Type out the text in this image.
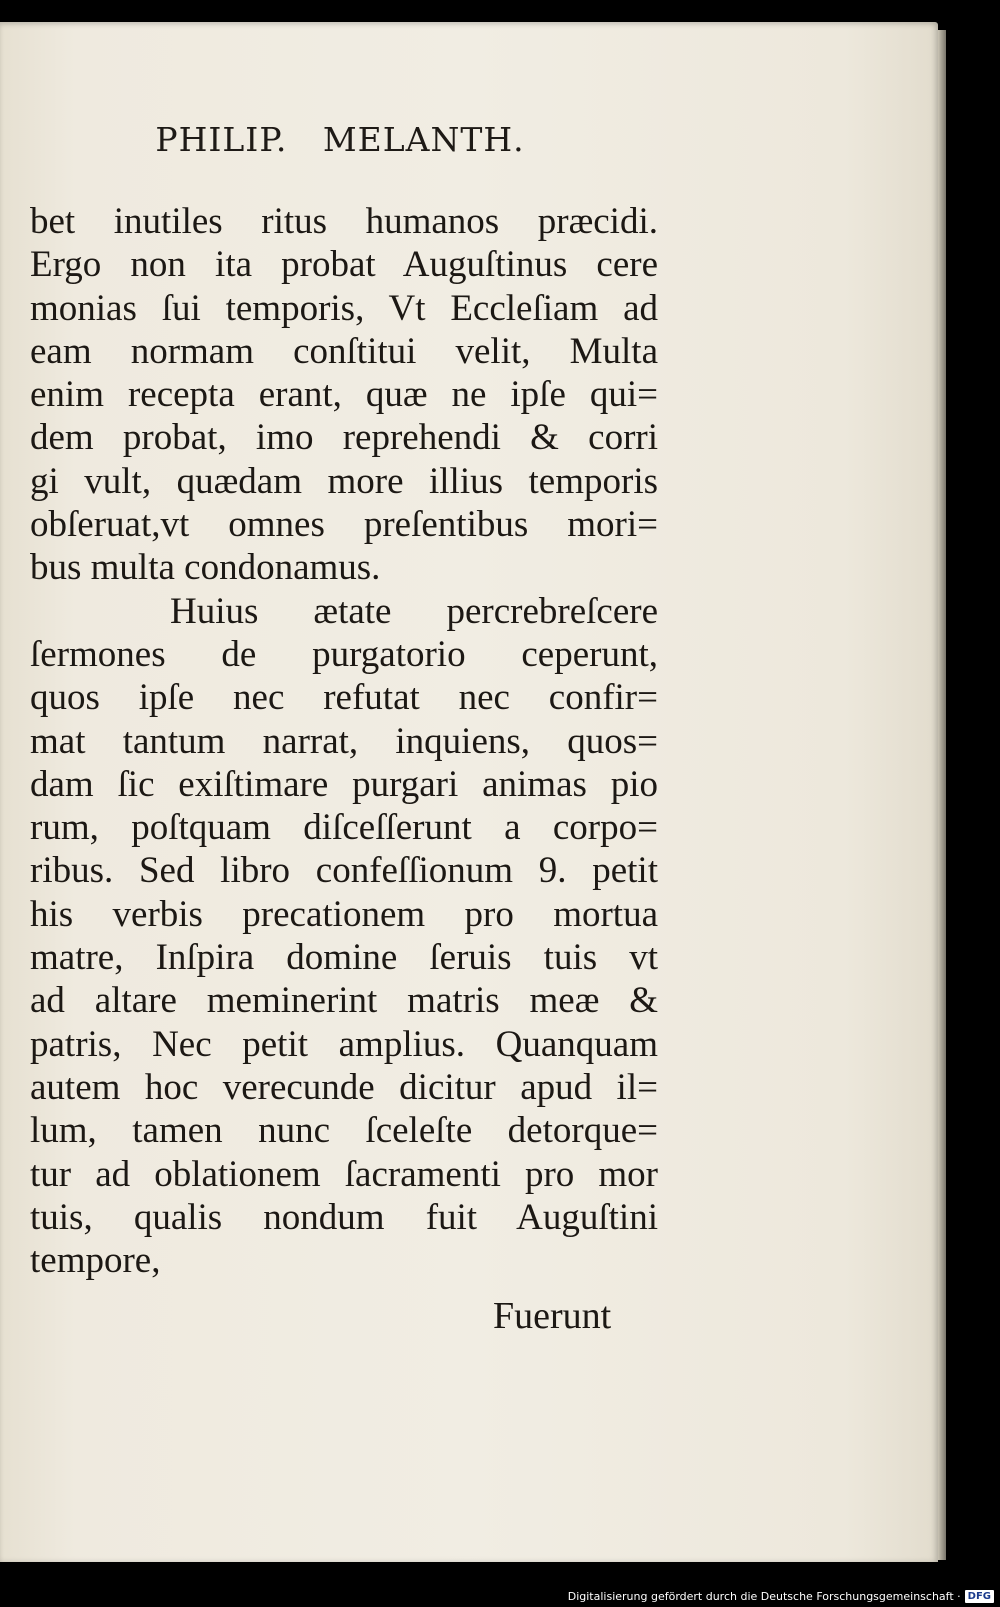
PHILIP. MELANTH.
bet inutiles ritus humanos præcidi.
Ergo non ita probat Auguſtinus cere
monias ſui temporis, Vt Eccleſiam ad
eam normam conſtitui velit, Multa
enim recepta erant, quæ ne ipſe qui=
dem probat, imo reprehendi & corri
gi vult, quædam more illius temporis
obſeruat,vt omnes preſentibus mori=
bus multa condonamus.
Huius ætate percrebreſcere
ſermones de purgatorio ceperunt,
quos ipſe nec refutat nec confir=
mat tantum narrat, inquiens, quos=
dam ſic exiſtimare purgari animas pio
rum, poſtquam diſceſſerunt a corpo=
ribus. Sed libro confeſſionum 9. petit
his verbis precationem pro mortua
matre, Inſpira domine ſeruis tuis vt
ad altare meminerint matris meæ &
patris, Nec petit amplius. Quanquam
autem hoc verecunde dicitur apud il=
lum, tamen nunc ſceleſte detorque=
tur ad oblationem ſacramenti pro mor
tuis, qualis nondum fuit Auguſtini
tempore,
Fuerunt
Digitalisierung gefördert durch die Deutsche Forschungsgemeinschaft · DFG
